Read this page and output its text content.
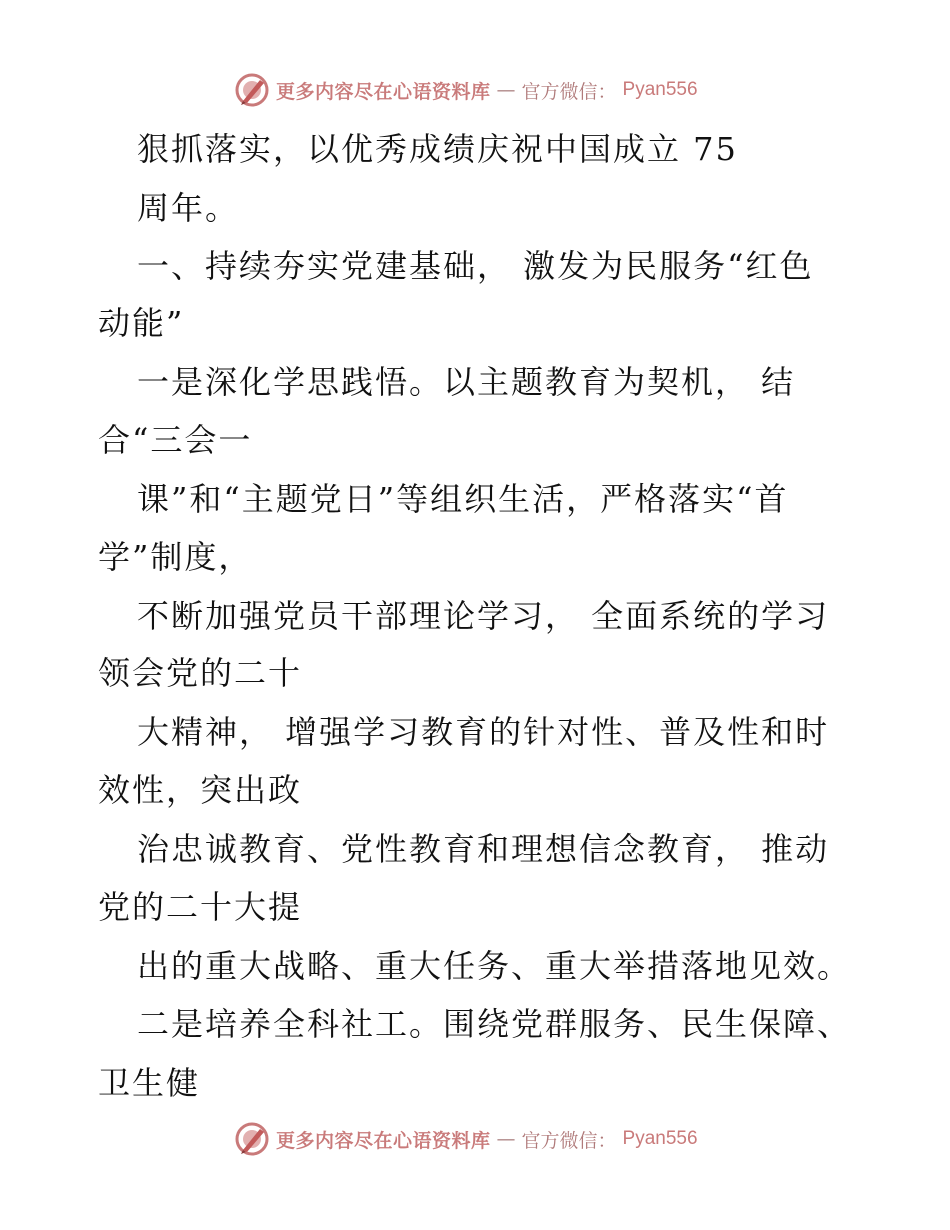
更多内容尽在心语资料库 — 官方微信： Pyan556

狠抓落实，以优秀成绩庆祝中国成立 75

周年。

一、持续夯实党建基础， 激发为民服务“红色

动能”

一是深化学思践悟。以主题教育为契机， 结

合“三会一

课”和“主题党日”等组织生活，严格落实“首

学”制度，

不断加强党员干部理论学习， 全面系统的学习

领会党的二十

大精神， 增强学习教育的针对性、普及性和时

效性，突出政

治忠诚教育、党性教育和理想信念教育， 推动

党的二十大提

出的重大战略、重大任务、重大举措落地见效。

二是培养全科社工。围绕党群服务、民生保障、

卫生健

更多内容尽在心语资料库 — 官方微信： Pyan556
